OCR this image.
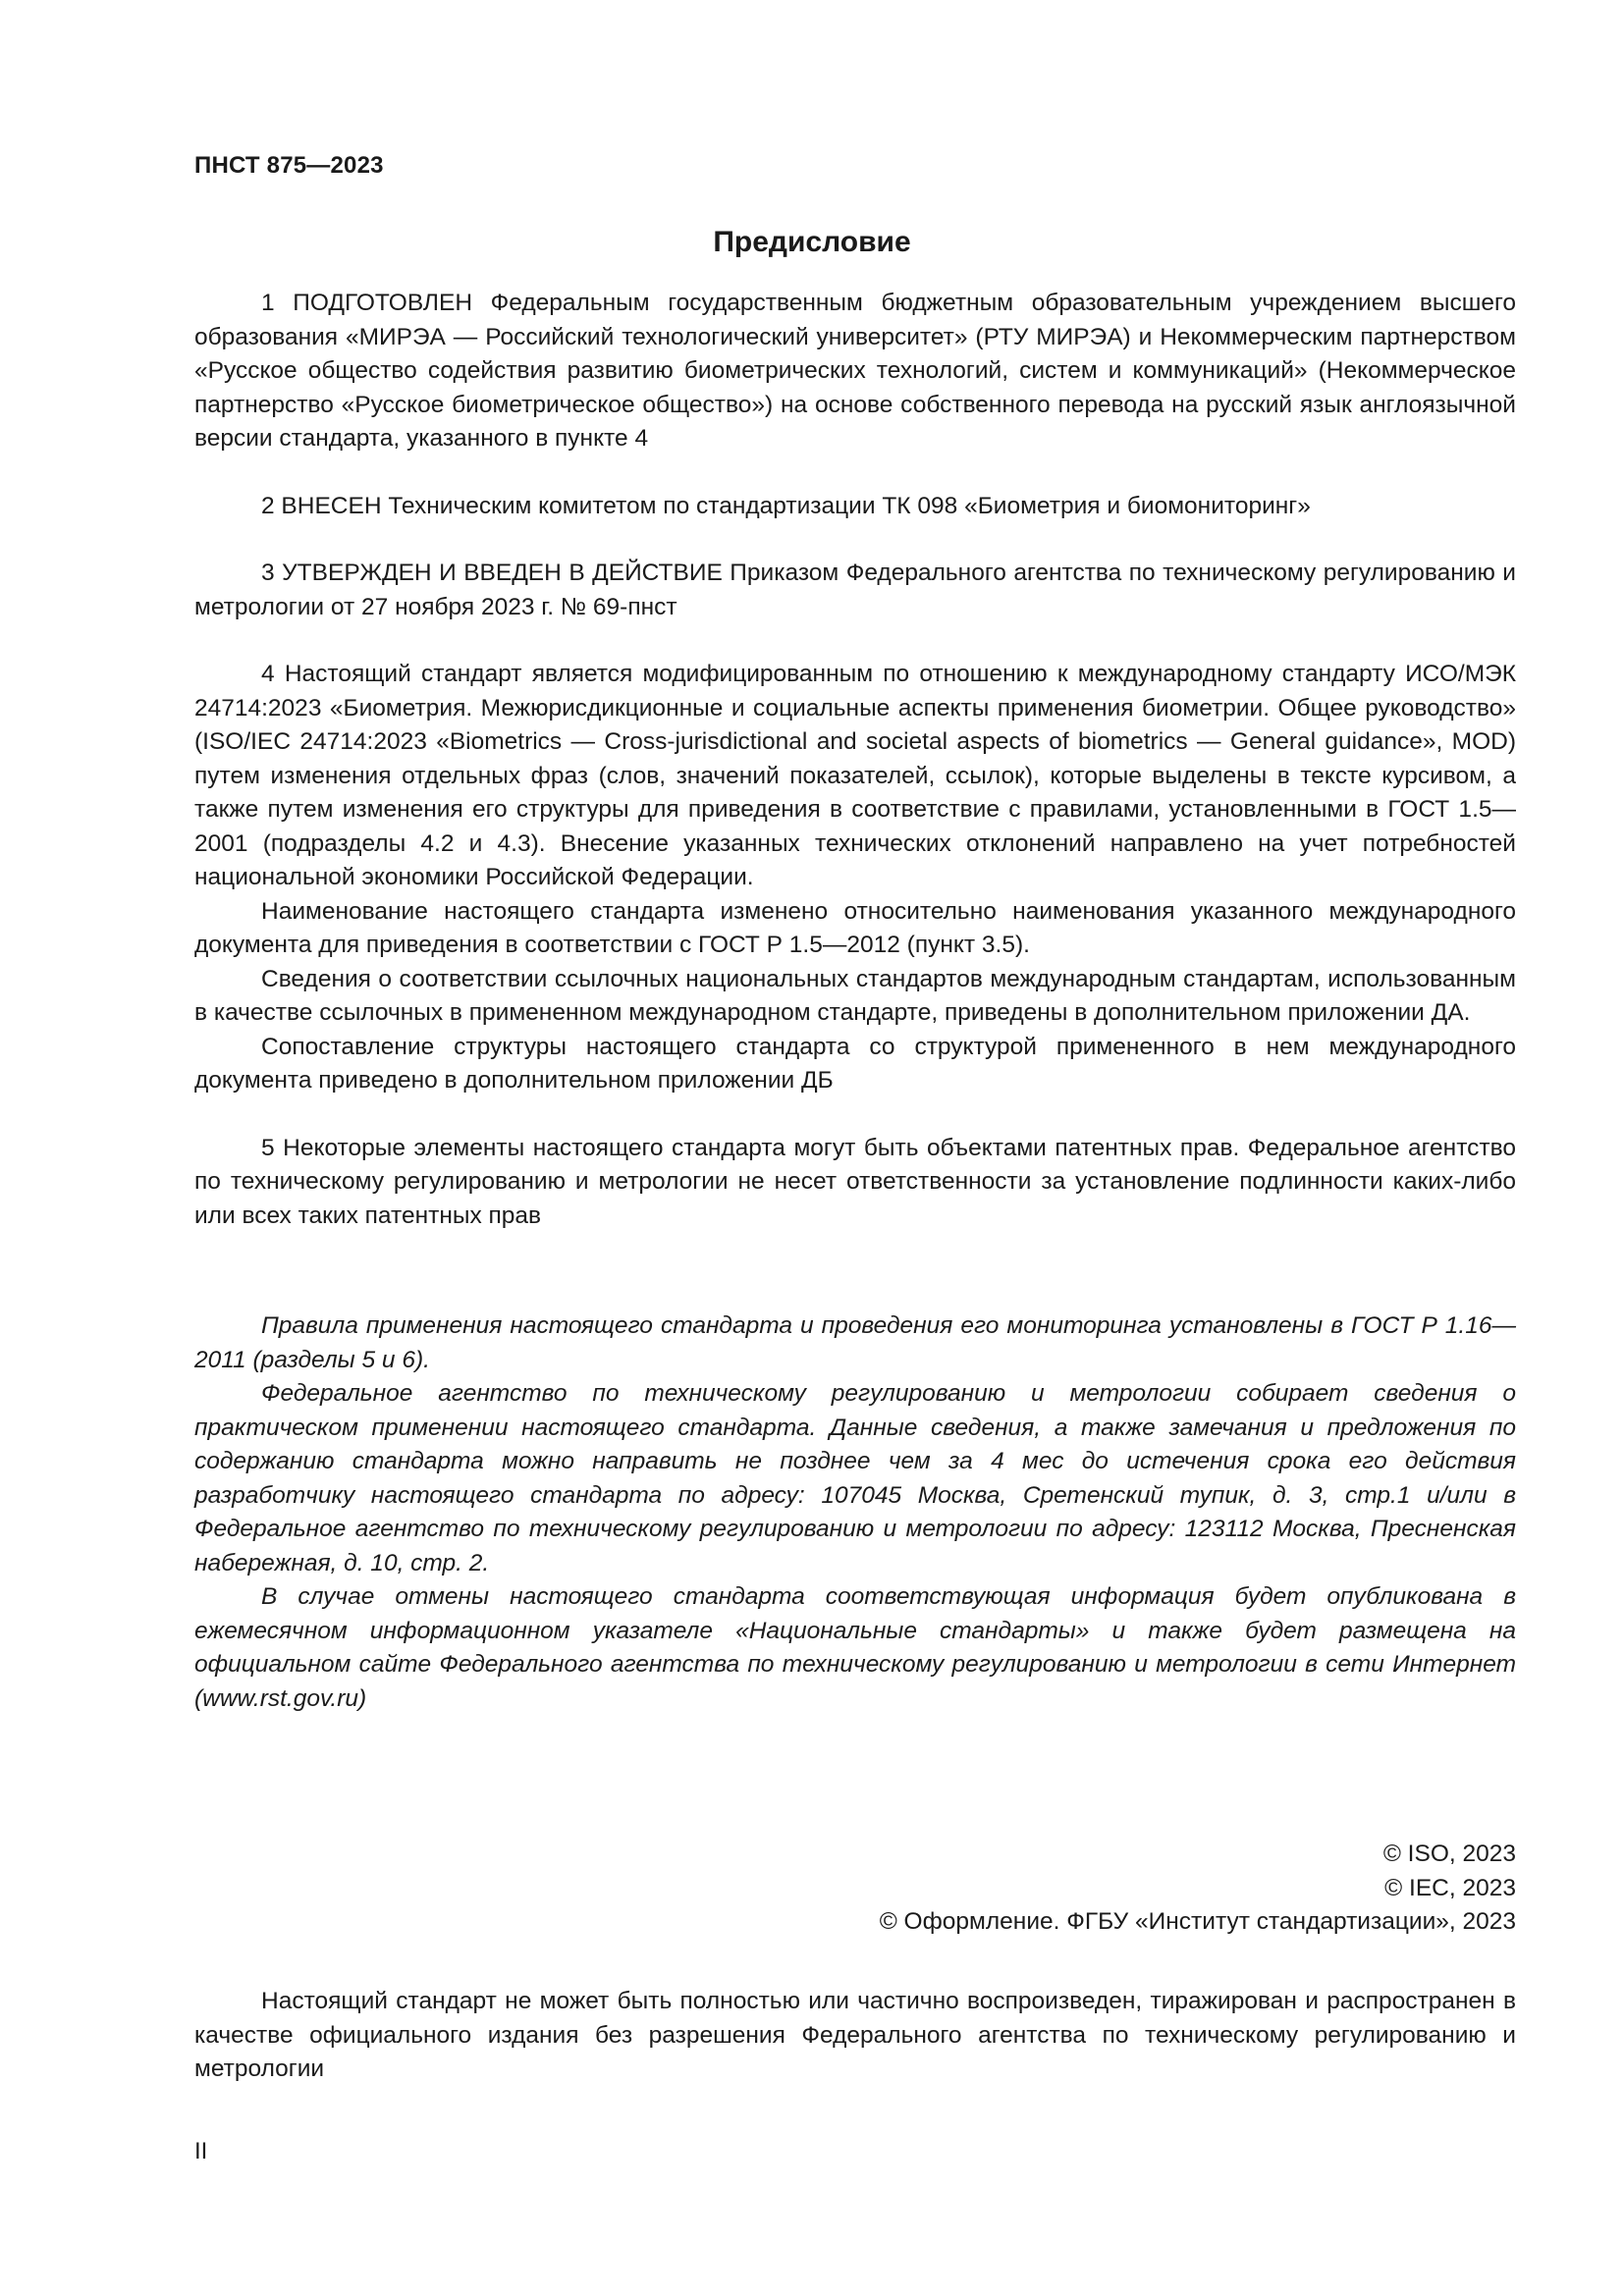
ПНСТ 875—2023
Предисловие

1 ПОДГОТОВЛЕН Федеральным государственным бюджетным образовательным учреждением высшего образования «МИРЭА — Российский технологический университет» (РТУ МИРЭА) и Некоммерческим партнерством «Русское общество содействия развитию биометрических технологий, систем и коммуникаций» (Некоммерческое партнерство «Русское биометрическое общество») на основе собственного перевода на русский язык англоязычной версии стандарта, указанного в пункте 4

2 ВНЕСЕН Техническим комитетом по стандартизации ТК 098 «Биометрия и биомониторинг»

3 УТВЕРЖДЕН И ВВЕДЕН В ДЕЙСТВИЕ Приказом Федерального агентства по техническому регулированию и метрологии от 27 ноября 2023 г. № 69-пнст

4 Настоящий стандарт является модифицированным по отношению к международному стандарту ИСО/МЭК 24714:2023 «Биометрия. Межюрисдикционные и социальные аспекты применения биометрии. Общее руководство» (ISO/IEC 24714:2023 «Biometrics — Cross-jurisdictional and societal aspects of biometrics — General guidance», MOD) путем изменения отдельных фраз (слов, значений показателей, ссылок), которые выделены в тексте курсивом, а также путем изменения его структуры для приведения в соответствие с правилами, установленными в ГОСТ 1.5—2001 (подразделы 4.2 и 4.3). Внесение указанных технических отклонений направлено на учет потребностей национальной экономики Российской Федерации.

Наименование настоящего стандарта изменено относительно наименования указанного международного документа для приведения в соответствии с ГОСТ Р 1.5—2012 (пункт 3.5).

Сведения о соответствии ссылочных национальных стандартов международным стандартам, использованным в качестве ссылочных в примененном международном стандарте, приведены в дополнительном приложении ДА.

Сопоставление структуры настоящего стандарта со структурой примененного в нем международного документа приведено в дополнительном приложении ДБ

5 Некоторые элементы настоящего стандарта могут быть объектами патентных прав. Федеральное агентство по техническому регулированию и метрологии не несет ответственности за установление подлинности каких-либо или всех таких патентных прав

Правила применения настоящего стандарта и проведения его мониторинга установлены в ГОСТ Р 1.16—2011 (разделы 5 и 6).

Федеральное агентство по техническому регулированию и метрологии собирает сведения о практическом применении настоящего стандарта. Данные сведения, а также замечания и предложения по содержанию стандарта можно направить не позднее чем за 4 мес до истечения срока его действия разработчику настоящего стандарта по адресу: 107045 Москва, Сретенский тупик, д. 3, стр.1 и/или в Федеральное агентство по техническому регулированию и метрологии по адресу: 123112 Москва, Пресненская набережная, д. 10, стр. 2.

В случае отмены настоящего стандарта соответствующая информация будет опубликована в ежемесячном информационном указателе «Национальные стандарты» и также будет размещена на официальном сайте Федерального агентства по техническому регулированию и метрологии в сети Интернет (www.rst.gov.ru)

© ISO, 2023
© IEC, 2023
© Оформление. ФГБУ «Институт стандартизации», 2023

Настоящий стандарт не может быть полностью или частично воспроизведен, тиражирован и распространен в качестве официального издания без разрешения Федерального агентства по техническому регулированию и метрологии

II
